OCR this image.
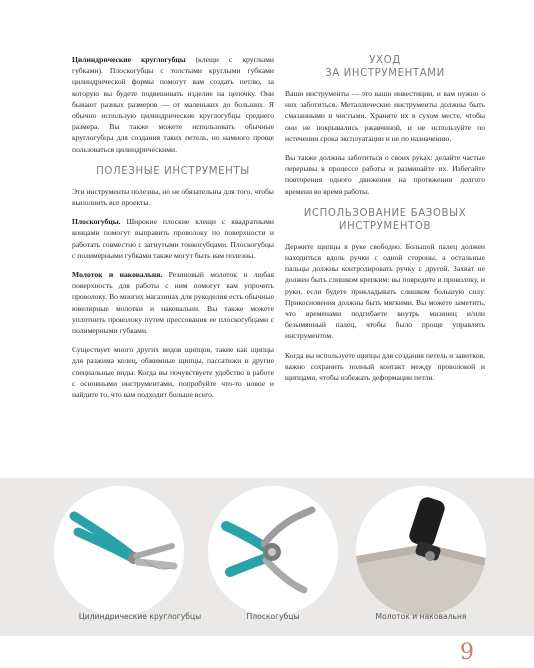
Цилиндрические круглогубцы (клещи с круглыми губками). Плоскогубцы с толстыми круглыми губками цилиндрической формы помогут вам создать петлю, за которую вы будете подвешивать изделие на цепочку. Они бывают разных размеров — от маленьких до больших. Я обычно использую цилиндрические круглогубцы среднего размера. Вы также можете использовать обычные круглогубцы для создания таких петель, но намного проще пользоваться цилиндрическими.

ПОЛЕЗНЫЕ ИНСТРУМЕНТЫ

Эти инструменты полезны, но не обязательны для того, чтобы выполнить все проекты.

Плоскогубцы. Широкие плоские клещи с квадратными концами помогут выправить проволоку по поверхности и работать совместно с загнутыми тонкогубцами. Плоскогубцы с полимерными губками также могут быть вам полезны.

Молоток и наковальня. Резиновый молоток и любая поверхность для работы с ним помогут вам упрочить проволоку. Во многих магазинах для рукоделия есть обычные ювелирные молотки и наковальни. Вы также можете уплотнить проволоку путем прессования ее плоскогубцами с полимерными губками.

Существует много других видов щипцов, такие как щипцы для разжима колец, обжимные щипцы, пассатижи и другие специальные виды. Когда вы почувствуете удобство в работе с основными инструментами, попробуйте что-то новое и найдите то, что вам подходит больше всего.

УХОД
ЗА ИНСТРУМЕНТАМИ

Ваши инструменты — это ваши инвестиции, и вам нужно о них заботиться. Металлические инструменты должны быть смазанными и чистыми. Храните их в сухом месте, чтобы они не покрывались ржавчиной, и не используйте по истечении срока эксплуатации и не по назначению.

Вы также должны заботиться о своих руках: делайте частые перерывы в процессе работы и разминайте их. Избегайте повторения одного движения на протяжении долгого времени во время работы.

ИСПОЛЬЗОВАНИЕ БАЗОВЫХ
ИНСТРУМЕНТОВ

Держите щипцы в руке свободно. Большой палец должен находиться вдоль ручки с одной стороны, а остальные пальцы должны контролировать ручку с другой. Захват не должен быть слишком крепким: вы повредите и проволоку, и руки, если будете прикладывать слишком большую силу. Прикосновения должны быть мягкими. Вы можете заметить, что временами подгибаете внутрь мизинец и/или безымянный палец, чтобы было проще управлять инструментом.

Когда вы используете щипцы для создания петель и завитков, важно сохранить полный контакт между проволокой и щипцами, чтобы избежать деформации петли.

Цилиндрические круглогубцы	Плоскогубцы	Молоток и наковальня
9
